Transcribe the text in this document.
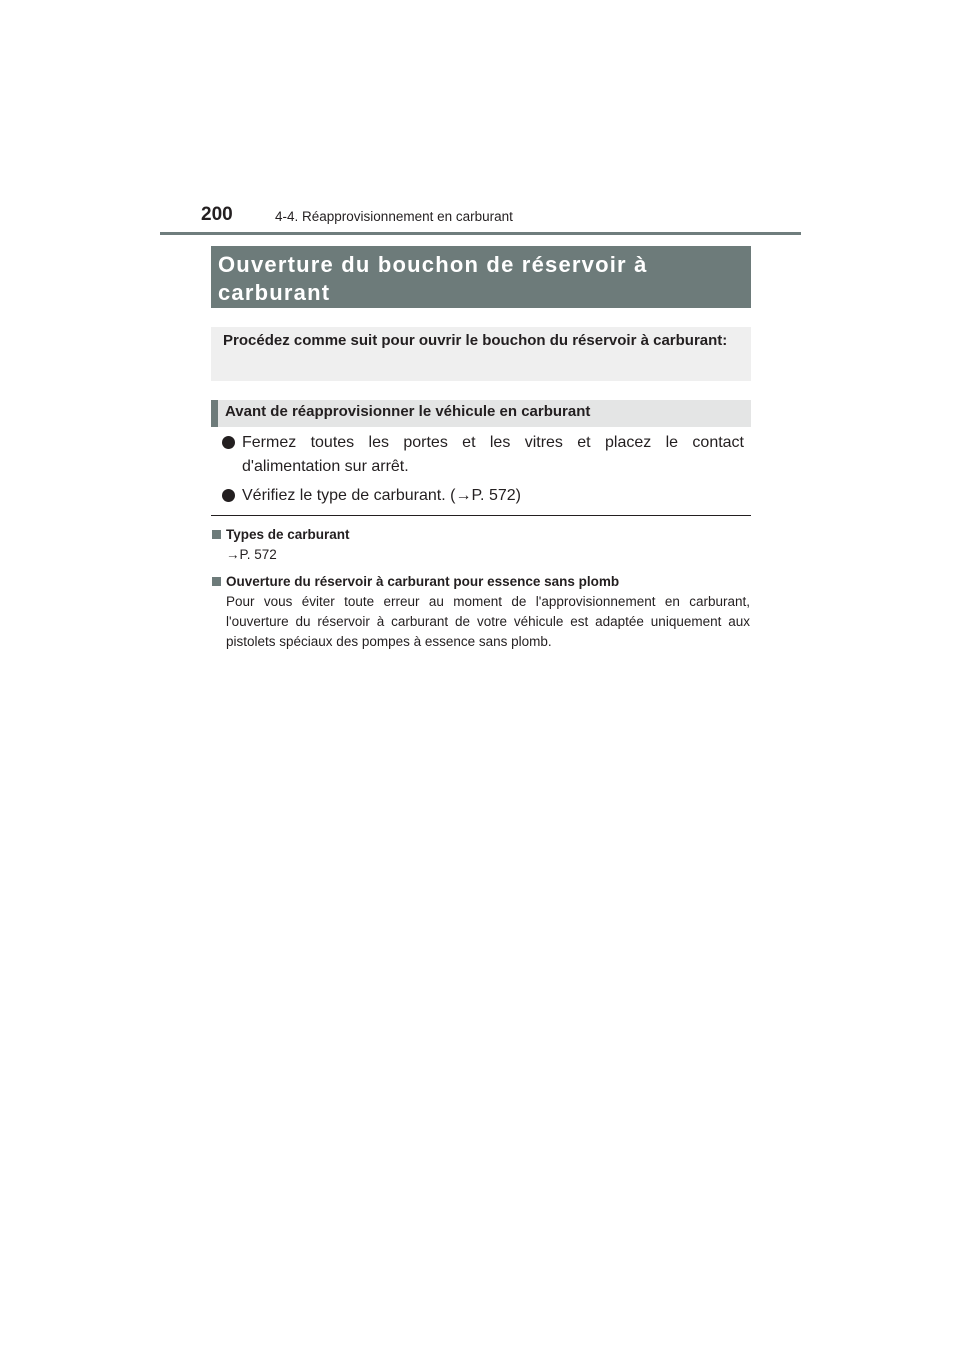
200	4-4. Réapprovisionnement en carburant
Ouverture du bouchon de réservoir à carburant

Procédez comme suit pour ouvrir le bouchon du réservoir à carburant:

Avant de réapprovisionner le véhicule en carburant
Fermez toutes les portes et les vitres et placez le contact d'alimentation sur arrêt.
Vérifiez le type de carburant. (→P. 572)
Types de carburant
→P. 572
Ouverture du réservoir à carburant pour essence sans plomb
Pour vous éviter toute erreur au moment de l'approvisionnement en carburant, l'ouverture du réservoir à carburant de votre véhicule est adaptée uniquement aux pistolets spéciaux des pompes à essence sans plomb.
